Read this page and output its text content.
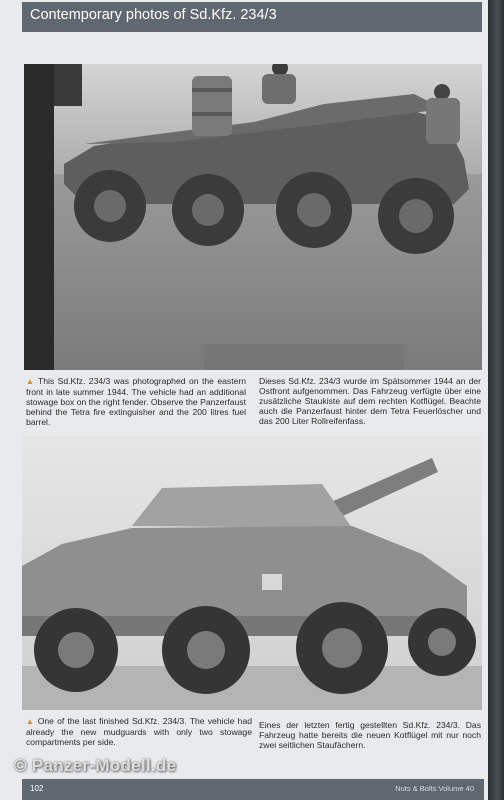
Contemporary photos of Sd.Kfz. 234/3
▲ This Sd.Kfz. 234/3 was photographed on the eastern front in late summer 1944. The vehicle had an additional stowage box on the right fender. Observe the Panzerfaust behind the Tetra fire extinguisher and the 200 litres fuel barrel.
Dieses Sd.Kfz. 234/3 wurde im Spätsommer 1944 an der Ostfront aufgenommen. Das Fahrzeug verfügte über eine zusätzliche Staukiste auf dem rechten Kotflügel. Beachte auch die Panzerfaust hinter dem Tetra Feuerlöscher und das 200 Liter Rollreifenfass.
▲ One of the last finished Sd.Kfz. 234/3. The vehicle had already the new mudguards with only two stowage compartments per side.
Eines der letzten fertig gestellten Sd.Kfz. 234/3. Das Fahrzeug hatte bereits die neuen Kotflügel mit nur noch zwei seitlichen Staufächern.
© Panzer-Modell.de
102	Nuts & Bolts Volume 40
